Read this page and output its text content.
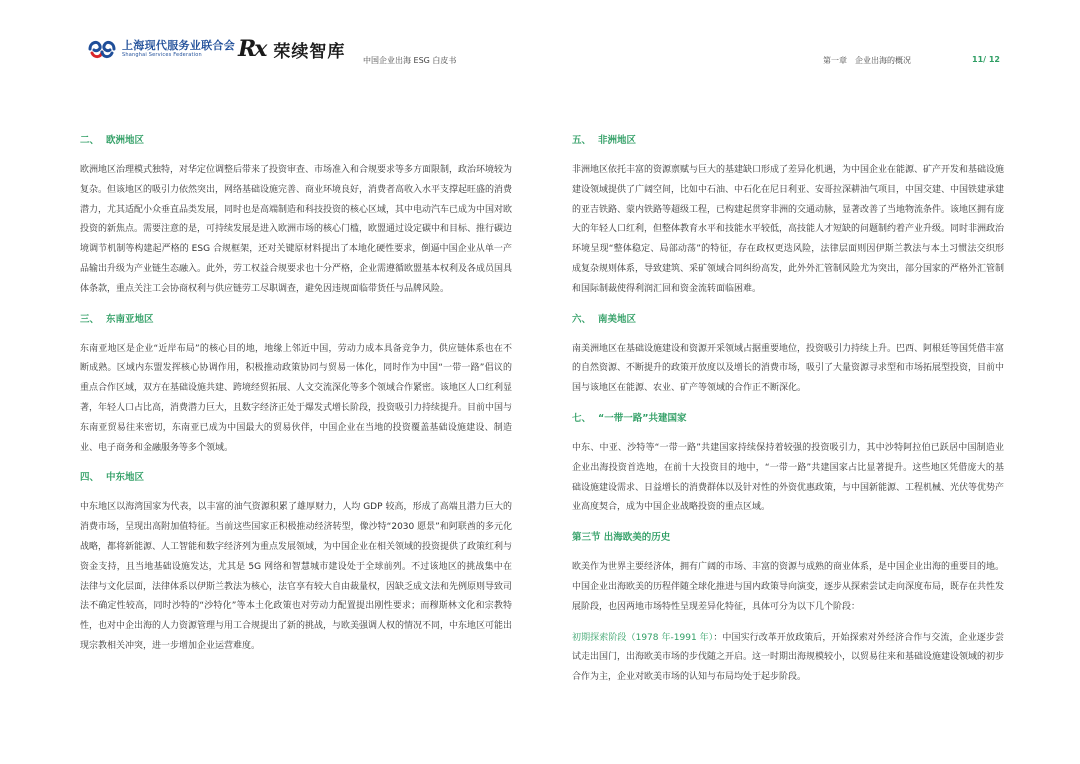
上海现代服务业联合会
Shanghai Services Federation	Rx 荣续智库 中国企业出海 ESG 白皮书	第一章 企业出海的概况	11/ 12
二、 欧洲地区
欧洲地区治理模式独特，对华定位调整后带来了投资审查、市场准入和合规要求等多方面限制，政治环境较为复杂。但该地区的吸引力依然突出，网络基础设施完善、商业环境良好，消费者高收入水平支撑起旺盛的消费潜力，尤其适配小众垂直品类发展，同时也是高端制造和科技投资的核心区域，其中电动汽车已成为中国对欧投资的新焦点。需要注意的是，可持续发展是进入欧洲市场的核心门槛，欧盟通过设定碳中和目标、推行碳边境调节机制等构建起严格的 ESG 合规框架，还对关键原材料提出了本地化硬性要求，倒逼中国企业从单一产品输出升级为产业链生态融入。此外，劳工权益合规要求也十分严格，企业需遵循欧盟基本权利及各成员国具体条款，重点关注工会协商权利与供应链劳工尽职调查，避免因违规面临带货任与品牌风险。
三、 东南亚地区
东南亚地区是企业“近岸布局”的核心目的地，地缘上邻近中国，劳动力成本具备竞争力，供应链体系也在不断成熟。区域内东盟发挥核心协调作用，积极推动政策协同与贸易一体化，同时作为中国“一带一路”倡议的重点合作区域，双方在基础设施共建、跨境经贸拓展、人文交流深化等多个领域合作紧密。该地区人口红利显著，年轻人口占比高，消费潜力巨大，且数字经济正处于爆发式增长阶段，投资吸引力持续提升。目前中国与东南亚贸易往来密切，东南亚已成为中国最大的贸易伙伴，中国企业在当地的投资覆盖基础设施建设、制造业、电子商务和金融服务等多个领域。
四、 中东地区
中东地区以海湾国家为代表，以丰富的油气资源积累了雄厚财力，人均 GDP 较高，形成了高端且潜力巨大的消费市场，呈现出高附加值特征。当前这些国家正积极推动经济转型，像沙特“2030 愿景”和阿联酋的多元化战略，都将新能源、人工智能和数字经济列为重点发展领域，为中国企业在相关领域的投资提供了政策红利与资金支持，且当地基础设施发达，尤其是 5G 网络和智慧城市建设处于全球前列。不过该地区的挑战集中在法律与文化层面，法律体系以伊斯兰教法为核心，法官享有较大自由裁量权，因缺乏成文法和先例原则导致司法不确定性较高，同时沙特的“沙特化”等本土化政策也对劳动力配置提出刚性要求；而穆斯林文化和宗教特性，也对中企出海的人力资源管理与用工合规提出了新的挑战，与欧美强调人权的情况不同，中东地区可能出现宗教相关冲突，进一步增加企业运营难度。
五、 非洲地区
非洲地区依托丰富的资源禀赋与巨大的基建缺口形成了差异化机遇，为中国企业在能源、矿产开发和基础设施建设领域提供了广阔空间，比如中石油、中石化在尼日利亚、安哥拉深耕油气项目，中国交建、中国铁建承建的亚吉铁路、蒙内铁路等超级工程，已构建起贯穿非洲的交通动脉，显著改善了当地物流条件。该地区拥有庞大的年轻人口红利，但整体教育水平和技能水平较低，高技能人才短缺的问题制约着产业升级。同时非洲政治环境呈现“整体稳定、局部动荡”的特征，存在政权更迭风险，法律层面则因伊斯兰教法与本土习惯法交织形成复杂规则体系，导致建筑、采矿领域合同纠纷高发，此外外汇管制风险尤为突出，部分国家的严格外汇管制和国际制裁使得利润汇回和资金流转面临困难。
六、 南美地区
南美洲地区在基础设施建设和资源开采领域占据重要地位，投资吸引力持续上升。巴西、阿根廷等国凭借丰富的自然资源、不断提升的政策开放度以及增长的消费市场，吸引了大量资源寻求型和市场拓展型投资，目前中国与该地区在能源、农业、矿产等领域的合作正不断深化。
七、 “一带一路”共建国家
中东、中亚、沙特等“一带一路”共建国家持续保持着较强的投资吸引力，其中沙特阿拉伯已跃居中国制造业企业出海投资首选地，在前十大投资目的地中，“一带一路”共建国家占比显著提升。这些地区凭借庞大的基础设施建设需求、日益增长的消费群体以及针对性的外资优惠政策，与中国新能源、工程机械、光伏等优势产业高度契合，成为中国企业战略投资的重点区域。
第三节 出海欧美的历史
欧美作为世界主要经济体，拥有广阔的市场、丰富的资源与成熟的商业体系，是中国企业出海的重要目的地。中国企业出海欧美的历程伴随全球化推进与国内政策导向演变，逐步从探索尝试走向深度布局，既存在共性发展阶段，也因两地市场特性呈现差异化特征，具体可分为以下几个阶段：
初期探索阶段（1978 年-1991 年）：中国实行改革开放政策后，开始探索对外经济合作与交流，企业逐步尝试走出国门，出海欧美市场的步伐随之开启。这一时期出海规模较小，以贸易往来和基础设施建设领域的初步合作为主，企业对欧美市场的认知与布局均处于起步阶段。
